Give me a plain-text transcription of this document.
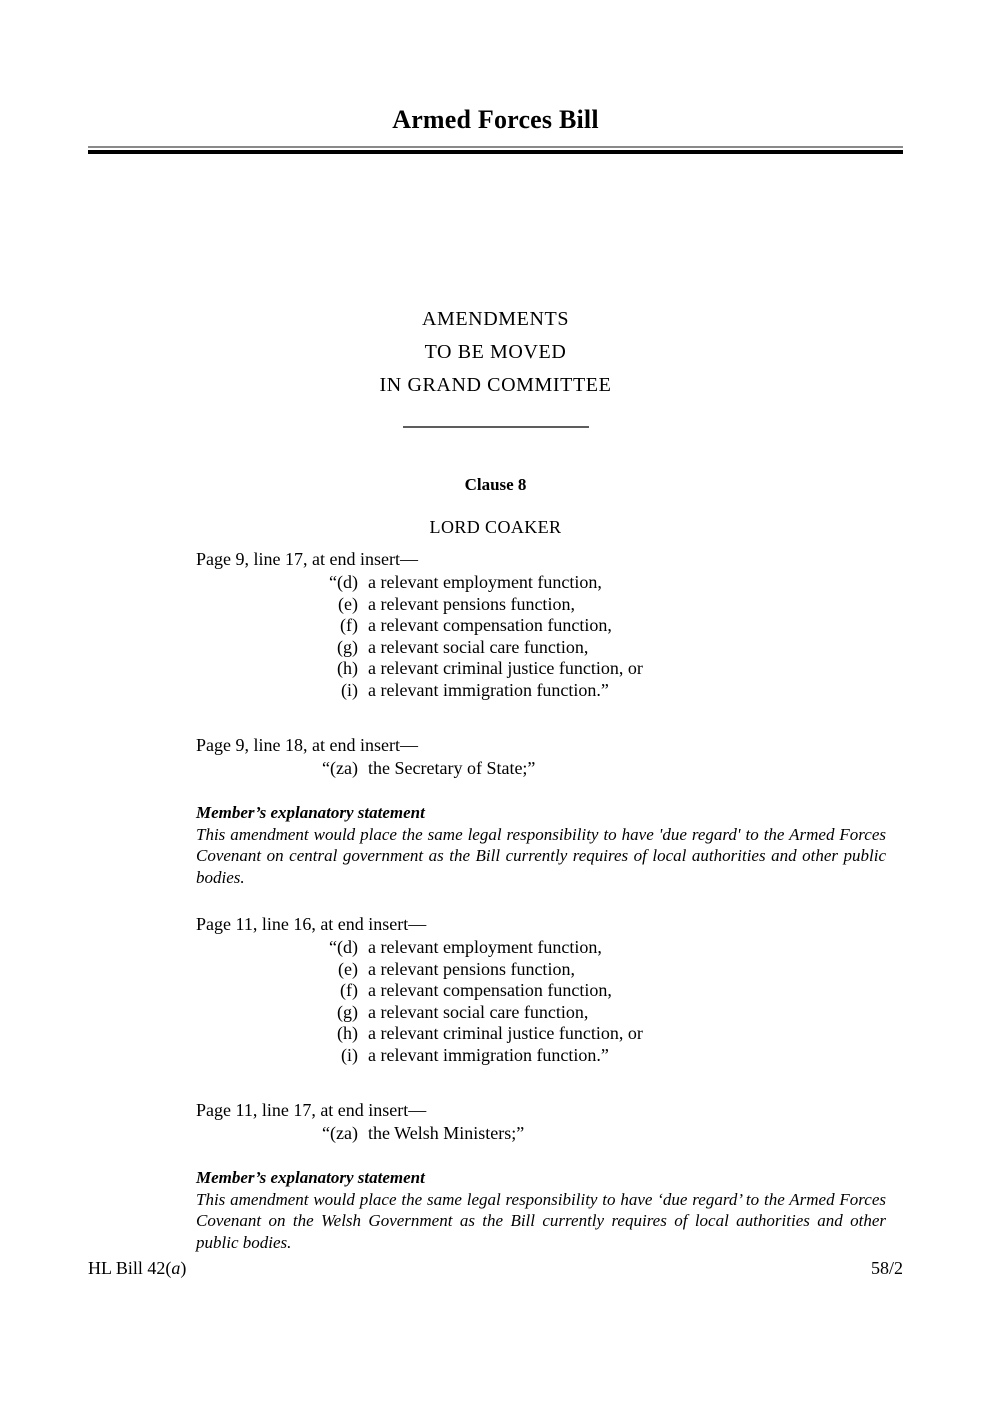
Armed Forces Bill
AMENDMENTS
TO BE MOVED
IN GRAND COMMITTEE
Clause 8
LORD COAKER
Page 9, line 17, at end insert—
“(d) a relevant employment function,
(e) a relevant pensions function,
(f) a relevant compensation function,
(g) a relevant social care function,
(h) a relevant criminal justice function, or
(i) a relevant immigration function.”
Page 9, line 18, at end insert—
“(za) the Secretary of State;”
Member’s explanatory statement
This amendment would place the same legal responsibility to have 'due regard' to the Armed Forces Covenant on central government as the Bill currently requires of local authorities and other public bodies.
Page 11, line 16, at end insert—
“(d) a relevant employment function,
(e) a relevant pensions function,
(f) a relevant compensation function,
(g) a relevant social care function,
(h) a relevant criminal justice function, or
(i) a relevant immigration function.”
Page 11, line 17, at end insert—
“(za) the Welsh Ministers;”
Member’s explanatory statement
This amendment would place the same legal responsibility to have ‘due regard’ to the Armed Forces Covenant on the Welsh Government as the Bill currently requires of local authorities and other public bodies.
HL Bill 42(a)	58/2
